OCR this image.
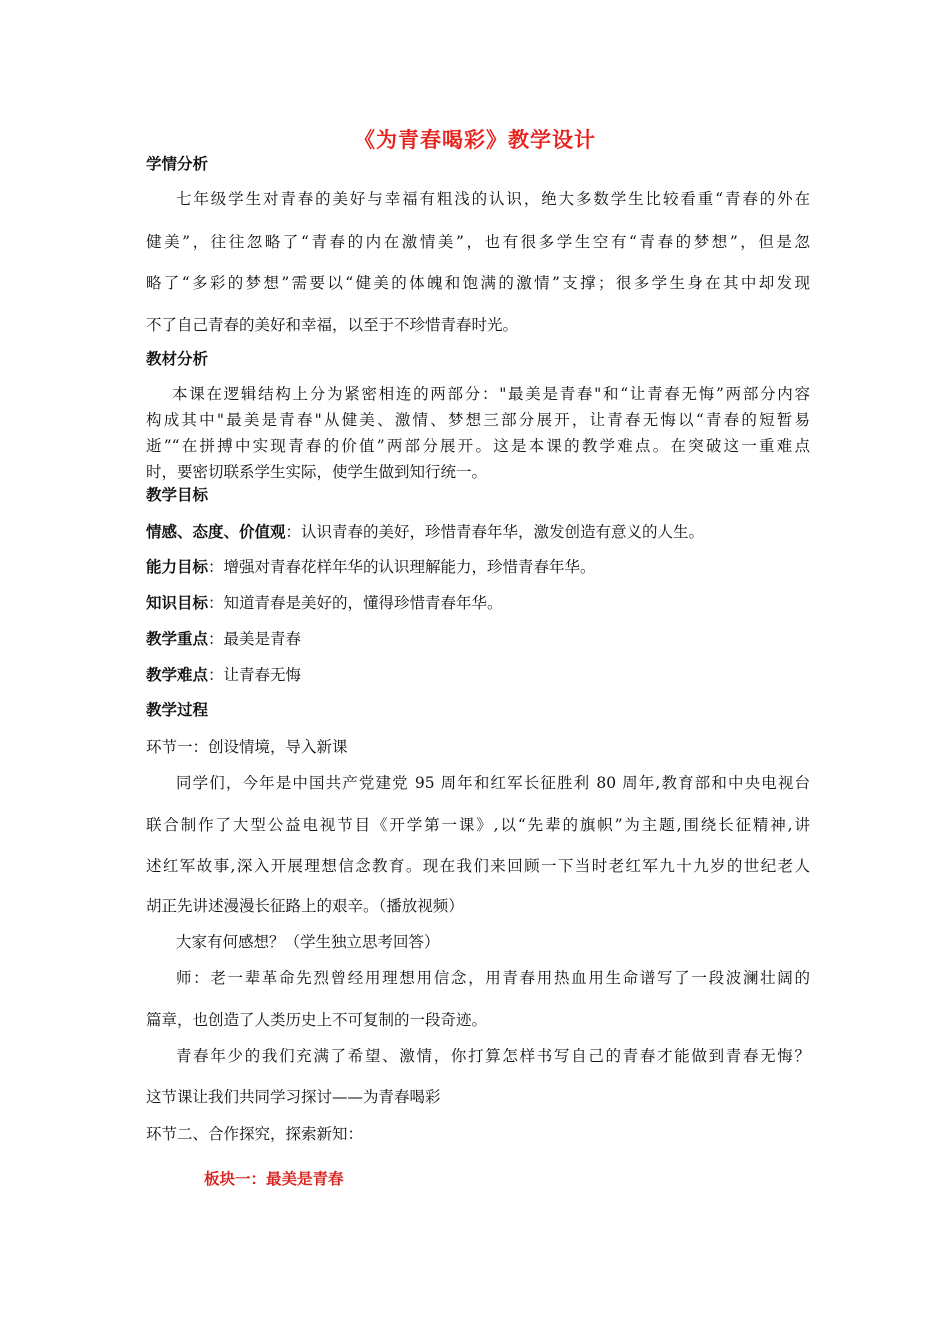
《为青春喝彩》教学设计
学情分析
七年级学生对青春的美好与幸福有粗浅的认识，绝大多数学生比较看重“青春的外在
健美”，往往忽略了“青春的内在激情美”，也有很多学生空有“青春的梦想”，但是忽
略了“多彩的梦想”需要以“健美的体魄和饱满的激情”支撑；很多学生身在其中却发现
不了自己青春的美好和幸福，以至于不珍惜青春时光。
教材分析
本课在逻辑结构上分为紧密相连的两部分："最美是青春"和“让青春无悔”两部分内容
构成其中"最美是青春"从健美、激情、梦想三部分展开，让青春无悔以“青春的短暂易
逝”“在拼搏中实现青春的价值”两部分展开。这是本课的教学难点。在突破这一重难点
时，要密切联系学生实际，使学生做到知行统一。
教学目标
情感、态度、价值观：认识青春的美好，珍惜青春年华，激发创造有意义的人生。
能力目标：增强对青春花样年华的认识理解能力，珍惜青春年华。
知识目标：知道青春是美好的，懂得珍惜青春年华。
教学重点：最美是青春
教学难点：让青春无悔
教学过程
环节一：创设情境，导入新课
同学们，今年是中国共产党建党 95 周年和红军长征胜利 80 周年,教育部和中央电视台
联合制作了大型公益电视节目《开学第一课》,以“先辈的旗帜”为主题,围绕长征精神,讲
述红军故事,深入开展理想信念教育。现在我们来回顾一下当时老红军九十九岁的世纪老人
胡正先讲述漫漫长征路上的艰辛。（播放视频）
大家有何感想？（学生独立思考回答）
师：老一辈革命先烈曾经用理想用信念，用青春用热血用生命谱写了一段波澜壮阔的
篇章，也创造了人类历史上不可复制的一段奇迹。
青春年少的我们充满了希望、激情，你打算怎样书写自己的青春才能做到青春无悔？
这节课让我们共同学习探讨——为青春喝彩
环节二、合作探究，探索新知：
板块一：最美是青春
